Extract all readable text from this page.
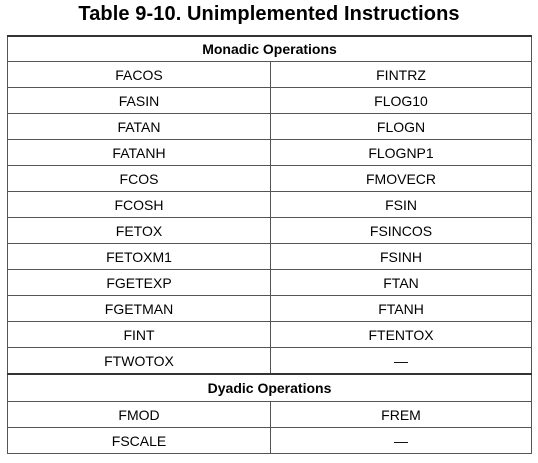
Table 9-10. Unimplemented Instructions
Monadic Operations	
FACOS	FINTRZ
FASIN	FLOG10
FATAN	FLOGN
FATANH	FLOGNP1
FCOS	FMOVECR
FCOSH	FSIN
FETOX	FSINCOS
FETOXM1	FSINH
FGETEXP	FTAN
FGETMAN	FTANH
FINT	FTENTOX
FTWOTOX	—
Dyadic Operations	
FMOD	FREM
FSCALE	—
